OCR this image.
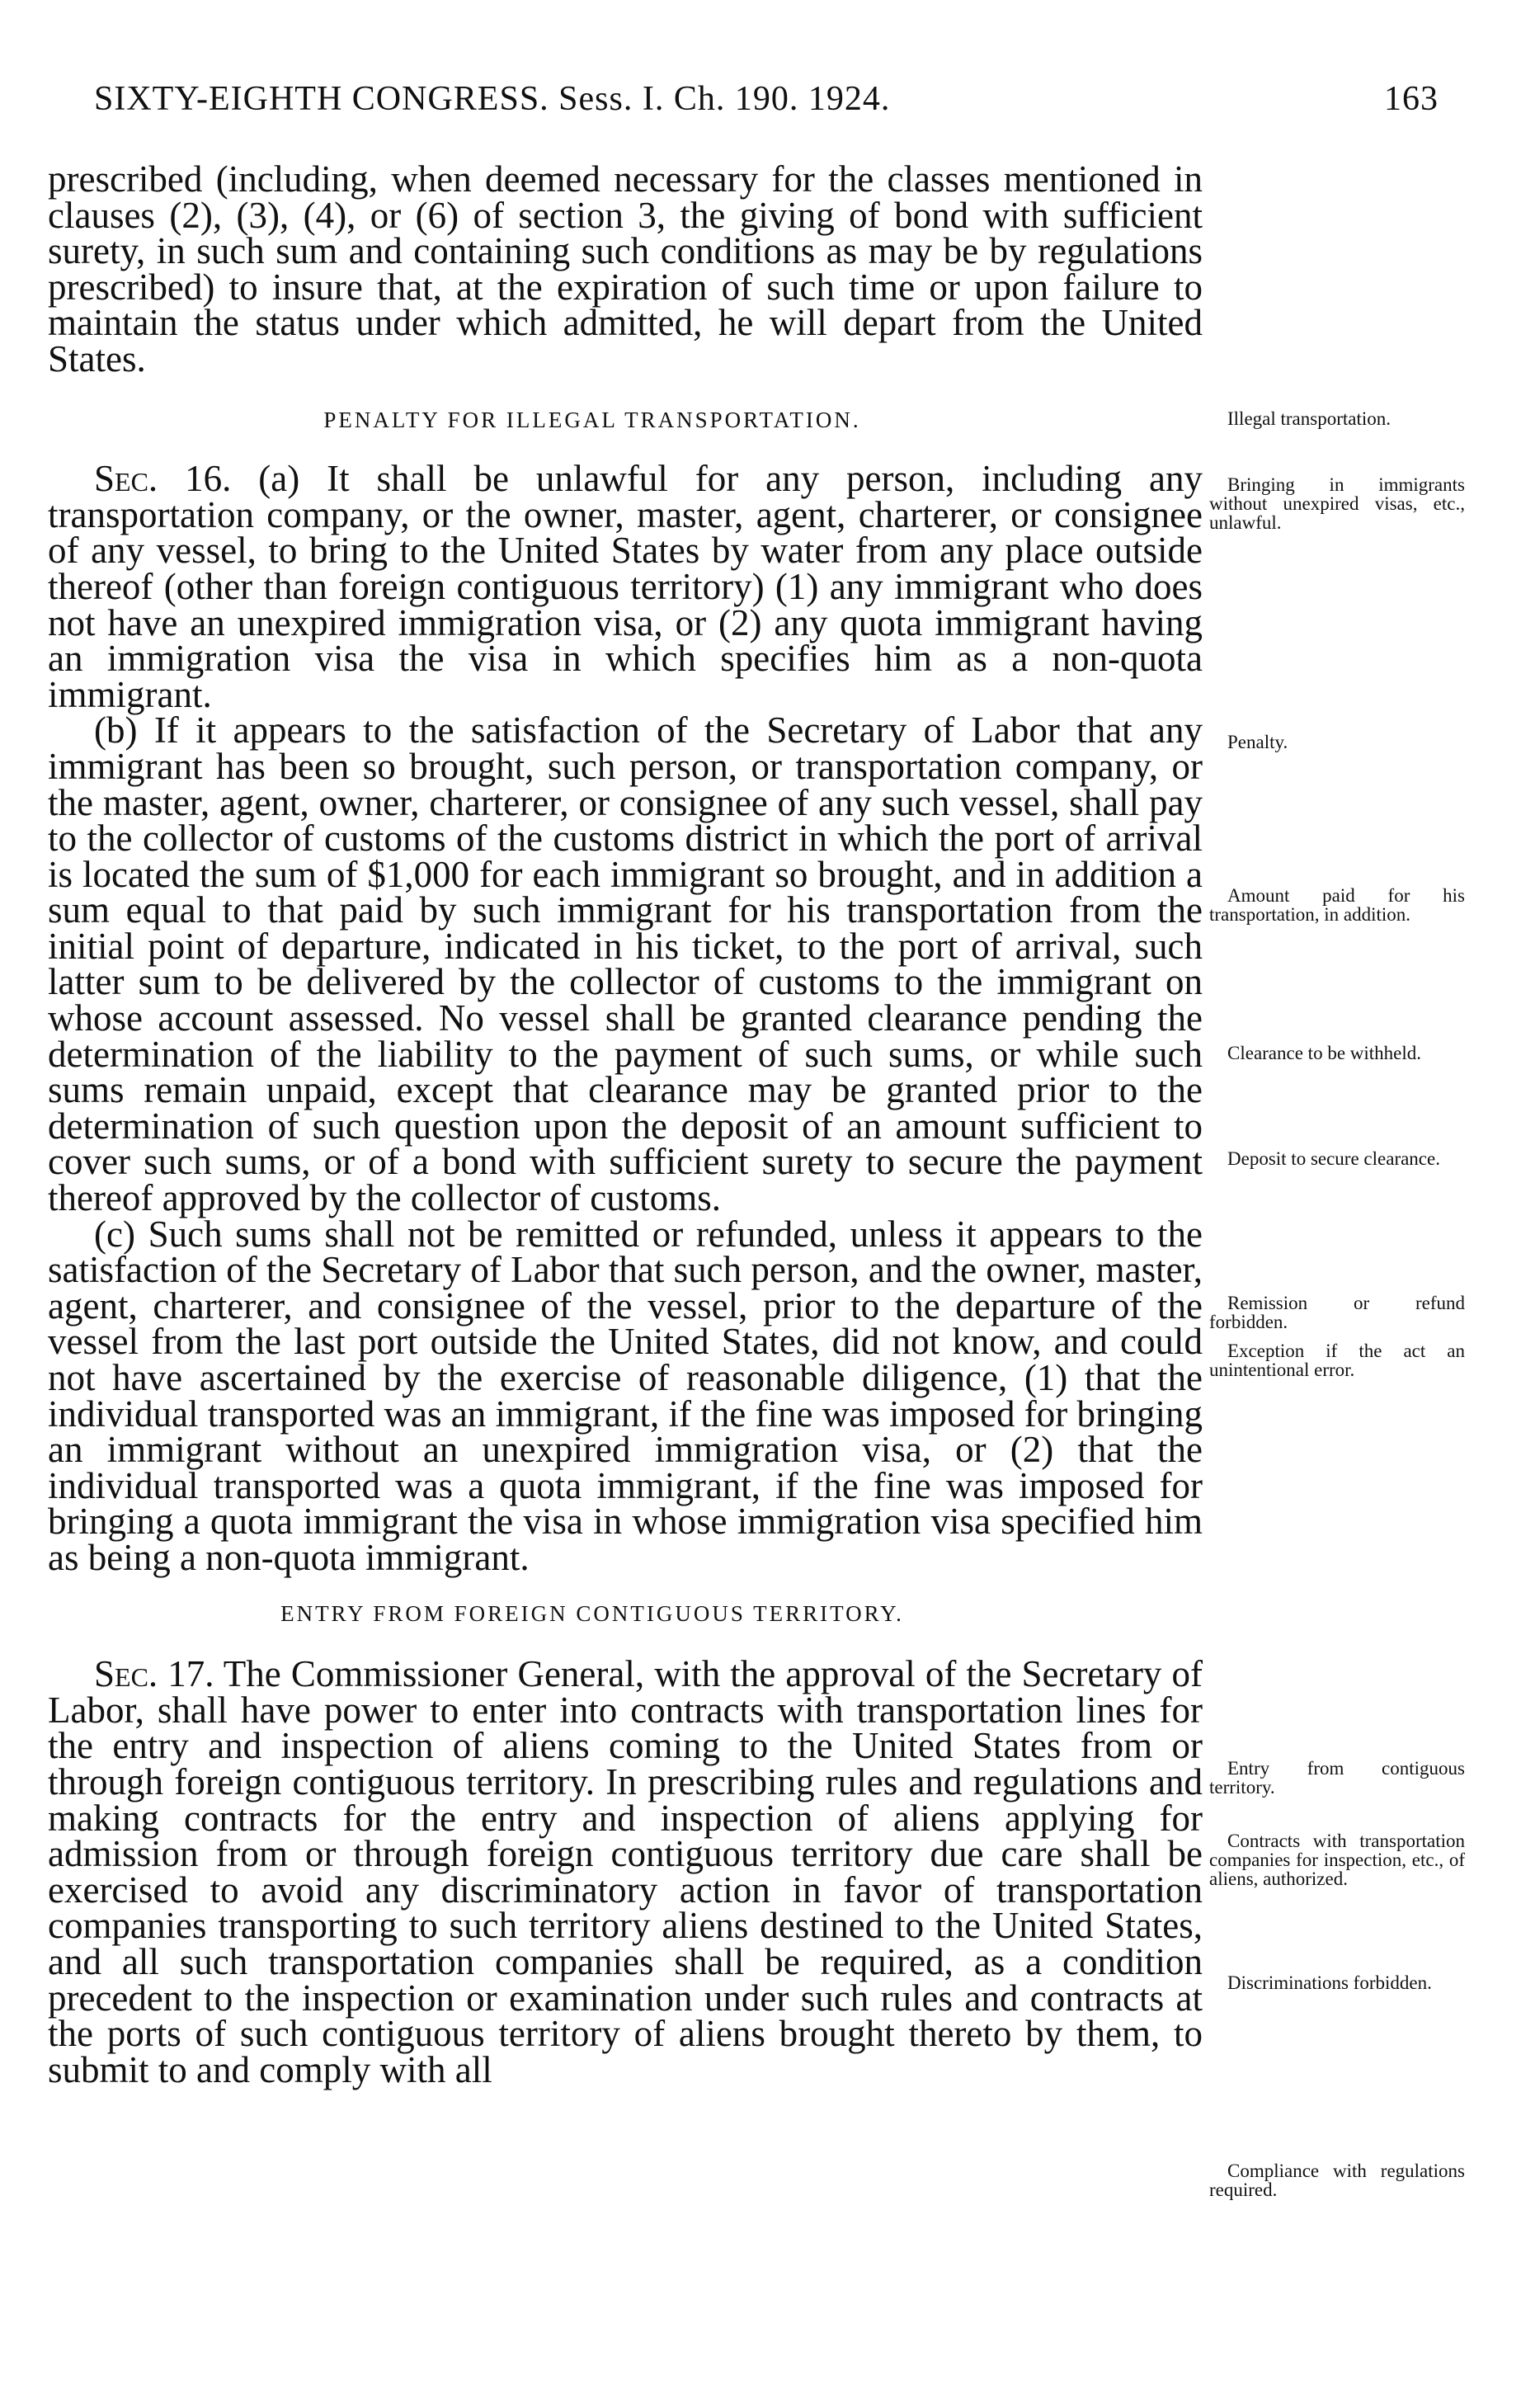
SIXTY-EIGHTH CONGRESS. Sess. I. Ch. 190. 1924.	163

prescribed (including, when deemed necessary for the classes mentioned in clauses (2), (3), (4), or (6) of section 3, the giving of bond with sufficient surety, in such sum and containing such conditions as may be by regulations prescribed) to insure that, at the expiration of such time or upon failure to maintain the status under which admitted, he will depart from the United States.

PENALTY FOR ILLEGAL TRANSPORTATION.

Sec. 16. (a) It shall be unlawful for any person, including any transportation company, or the owner, master, agent, charterer, or consignee of any vessel, to bring to the United States by water from any place outside thereof (other than foreign contiguous territory) (1) any immigrant who does not have an unexpired immigration visa, or (2) any quota immigrant having an immigration visa the visa in which specifies him as a non-quota immigrant.

(b) If it appears to the satisfaction of the Secretary of Labor that any immigrant has been so brought, such person, or transportation company, or the master, agent, owner, charterer, or consignee of any such vessel, shall pay to the collector of customs of the customs district in which the port of arrival is located the sum of $1,000 for each immigrant so brought, and in addition a sum equal to that paid by such immigrant for his transportation from the initial point of departure, indicated in his ticket, to the port of arrival, such latter sum to be delivered by the collector of customs to the immigrant on whose account assessed. No vessel shall be granted clearance pending the determination of the liability to the payment of such sums, or while such sums remain unpaid, except that clearance may be granted prior to the determination of such question upon the deposit of an amount sufficient to cover such sums, or of a bond with sufficient surety to secure the payment thereof approved by the collector of customs.

(c) Such sums shall not be remitted or refunded, unless it appears to the satisfaction of the Secretary of Labor that such person, and the owner, master, agent, charterer, and consignee of the vessel, prior to the departure of the vessel from the last port outside the United States, did not know, and could not have ascertained by the exercise of reasonable diligence, (1) that the individual transported was an immigrant, if the fine was imposed for bringing an immigrant without an unexpired immigration visa, or (2) that the individual transported was a quota immigrant, if the fine was imposed for bringing a quota immigrant the visa in whose immigration visa specified him as being a non-quota immigrant.

ENTRY FROM FOREIGN CONTIGUOUS TERRITORY.

Sec. 17. The Commissioner General, with the approval of the Secretary of Labor, shall have power to enter into contracts with transportation lines for the entry and inspection of aliens coming to the United States from or through foreign contiguous territory. In prescribing rules and regulations and making contracts for the entry and inspection of aliens applying for admission from or through foreign contiguous territory due care shall be exercised to avoid any discriminatory action in favor of transportation companies transporting to such territory aliens destined to the United States, and all such transportation companies shall be required, as a condition precedent to the inspection or examination under such rules and contracts at the ports of such contiguous territory of aliens brought thereto by them, to submit to and comply with all

Illegal transportation.
Bringing in immigrants without unexpired visas, etc., unlawful.
Penalty.
Amount paid for his transportation, in addition.
Clearance to be withheld.
Deposit to secure clearance.
Remission or refund forbidden.
Exception if the act an unintentional error.
Entry from contiguous territory.
Contracts with transportation companies for inspection, etc., of aliens, authorized.
Discriminations forbidden.
Compliance with regulations required.
